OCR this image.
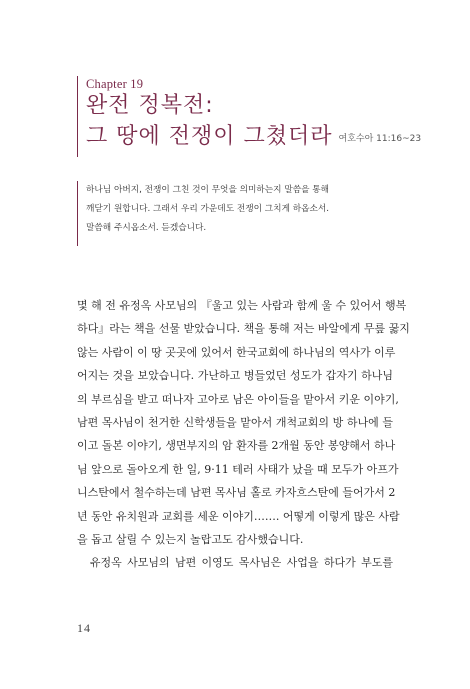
Chapter 19
완전 정복전:
그 땅에 전쟁이 그쳤더라 여호수아 11:16~23
하나님 아버지, 전쟁이 그친 것이 무엇을 의미하는지 말씀을 통해
깨닫기 원합니다. 그래서 우리 가운데도 전쟁이 그치게 하옵소서.
말씀해 주시옵소서. 듣겠습니다.
몇 해 전 유정옥 사모님의 『울고 있는 사람과 함께 울 수 있어서 행복
하다』라는 책을 선물 받았습니다. 책을 통해 저는 바알에게 무릎 꿇지
않는 사람이 이 땅 곳곳에 있어서 한국교회에 하나님의 역사가 이루
어지는 것을 보았습니다. 가난하고 병들었던 성도가 갑자기 하나님
의 부르심을 받고 떠나자 고아로 남은 아이들을 맡아서 키운 이야기,
남편 목사님이 천거한 신학생들을 맡아서 개척교회의 방 하나에 들
이고 돌본 이야기, 생면부지의 암 환자를 2개월 동안 봉양해서 하나
님 앞으로 돌아오게 한 일, 9·11 테러 사태가 났을 때 모두가 아프가
니스탄에서 철수하는데 남편 목사님 홀로 카자흐스탄에 들어가서 2
년 동안 유치원과 교회를 세운 이야기……. 어떻게 이렇게 많은 사람
을 돕고 살릴 수 있는지 놀랍고도 감사했습니다.
　유정옥 사모님의 남편 이영도 목사님은 사업을 하다가 부도를
14
